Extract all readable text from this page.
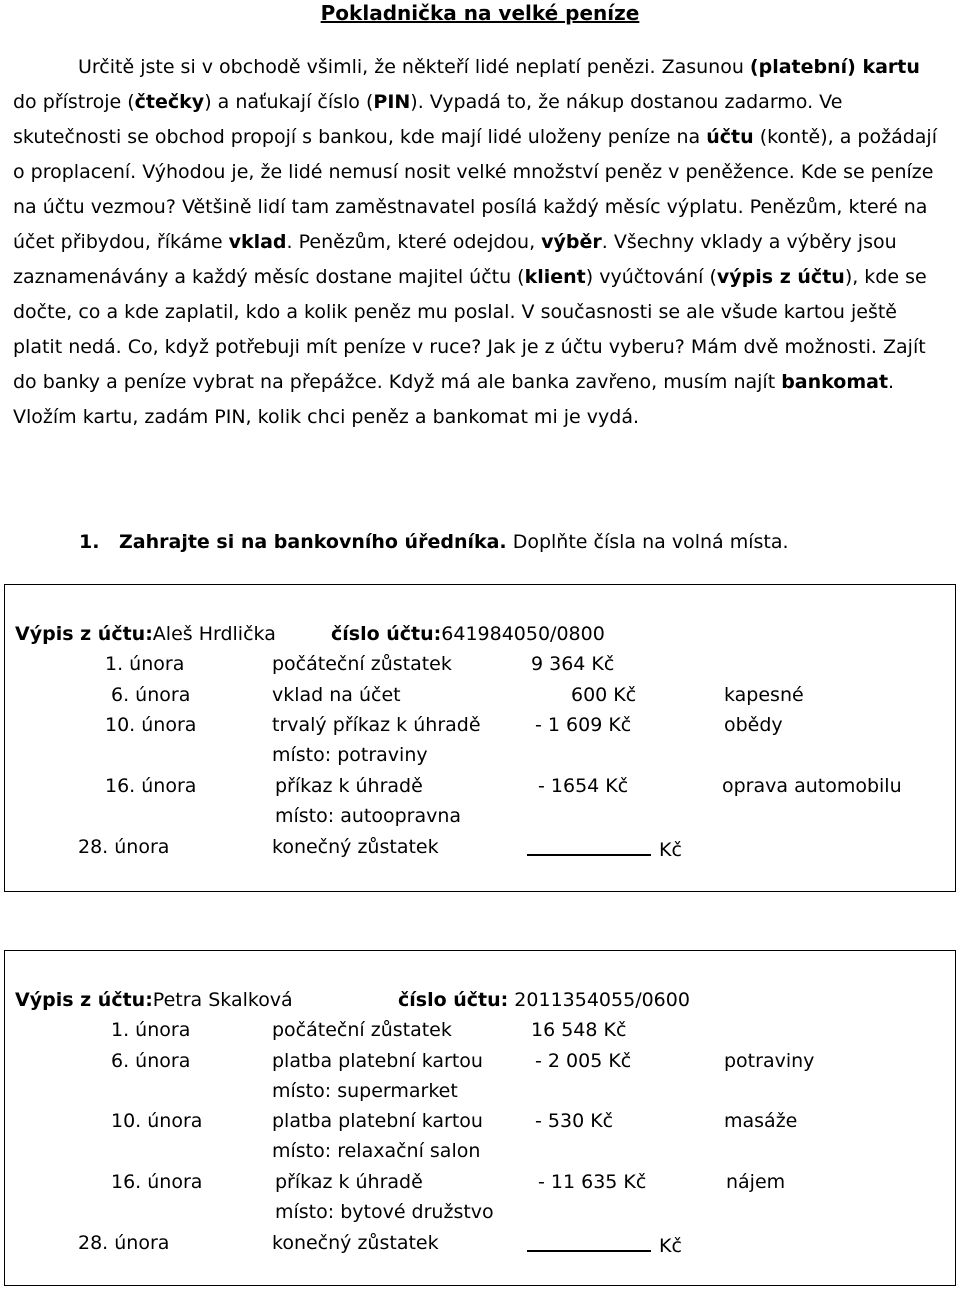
Pokladnička na velké peníze

Určitě jste si v obchodě všimli, že někteří lidé neplatí penězi. Zasunou (platební) kartu do přístroje (čtečky) a naťukají číslo (PIN). Vypadá to, že nákup dostanou zadarmo. Ve skutečnosti se obchod propojí s bankou, kde mají lidé uloženy peníze na účtu (kontě), a požádají o proplacení. Výhodou je, že lidé nemusí nosit velké množství peněz v peněžence. Kde se peníze na účtu vezmou? Většině lidí tam zaměstnavatel posílá každý měsíc výplatu. Penězům, které na účet přibydou, říkáme vklad. Penězům, které odejdou, výběr. Všechny vklady a výběry jsou zaznamenávány a každý měsíc dostane majitel účtu (klient) vyúčtování (výpis z účtu), kde se dočte, co a kde zaplatil, kdo a kolik peněz mu poslal. V současnosti se ale všude kartou ještě platit nedá. Co, když potřebuji mít peníze v ruce? Jak je z účtu vyberu? Mám dvě možnosti. Zajít do banky a peníze vybrat na přepážce. Když má ale banka zavřeno, musím najít bankomat. Vložím kartu, zadám PIN, kolik chci peněz a bankomat mi je vydá.

1. Zahrajte si na bankovního úředníka. Doplňte čísla na volná místa.
Výpis z účtu:Aleš Hrdlička	číslo účtu:641984050/0800
1. února	počáteční zůstatek	9 364 Kč
6. února	vklad na účet	600 Kč	kapesné
10. února	trvalý příkaz k úhradě	- 1 609 Kč	obědy
místo: potraviny
16. února	příkaz k úhradě	- 1654 Kč	oprava automobilu
místo: autoopravna
28. února	konečný zůstatek	Kč
Výpis z účtu:Petra Skalková	číslo účtu: 2011354055/0600
1. února	počáteční zůstatek	16 548 Kč
6. února	platba platební kartou	- 2 005 Kč	potraviny
místo: supermarket
10. února	platba platební kartou	- 530 Kč	masáže
místo: relaxační salon
16. února	příkaz k úhradě	- 11 635 Kč	nájem
místo: bytové družstvo
28. února	konečný zůstatek	Kč
